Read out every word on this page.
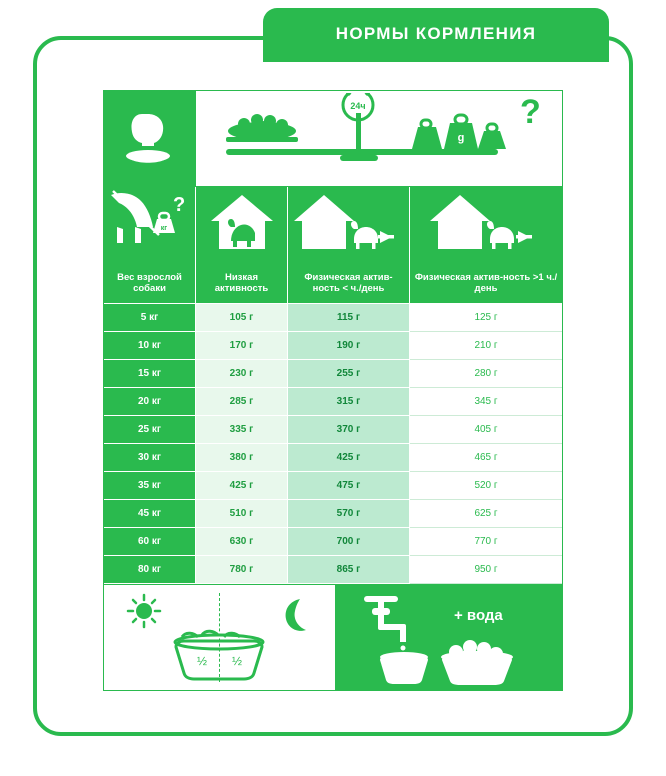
НОРМЫ КОРМЛЕНИЯ
24ч
g
?
кг
?
Вес взрослой собаки
Низкая активность
Физическая актив-ность < ч./день
Физическая актив-ность >1 ч./день
5 кг	105 г	115 г	125 г
10 кг	170 г	190 г	210 г
15 кг	230 г	255 г	280 г
20 кг	285 г	315 г	345 г
25 кг	335 г	370 г	405 г
30 кг	380 г	425 г	465 г
35 кг	425 г	475 г	520 г
45 кг	510 г	570 г	625 г
60 кг	630 г	700 г	770 г
80 кг	780 г	865 г	950 г
½ ½
+ вода
